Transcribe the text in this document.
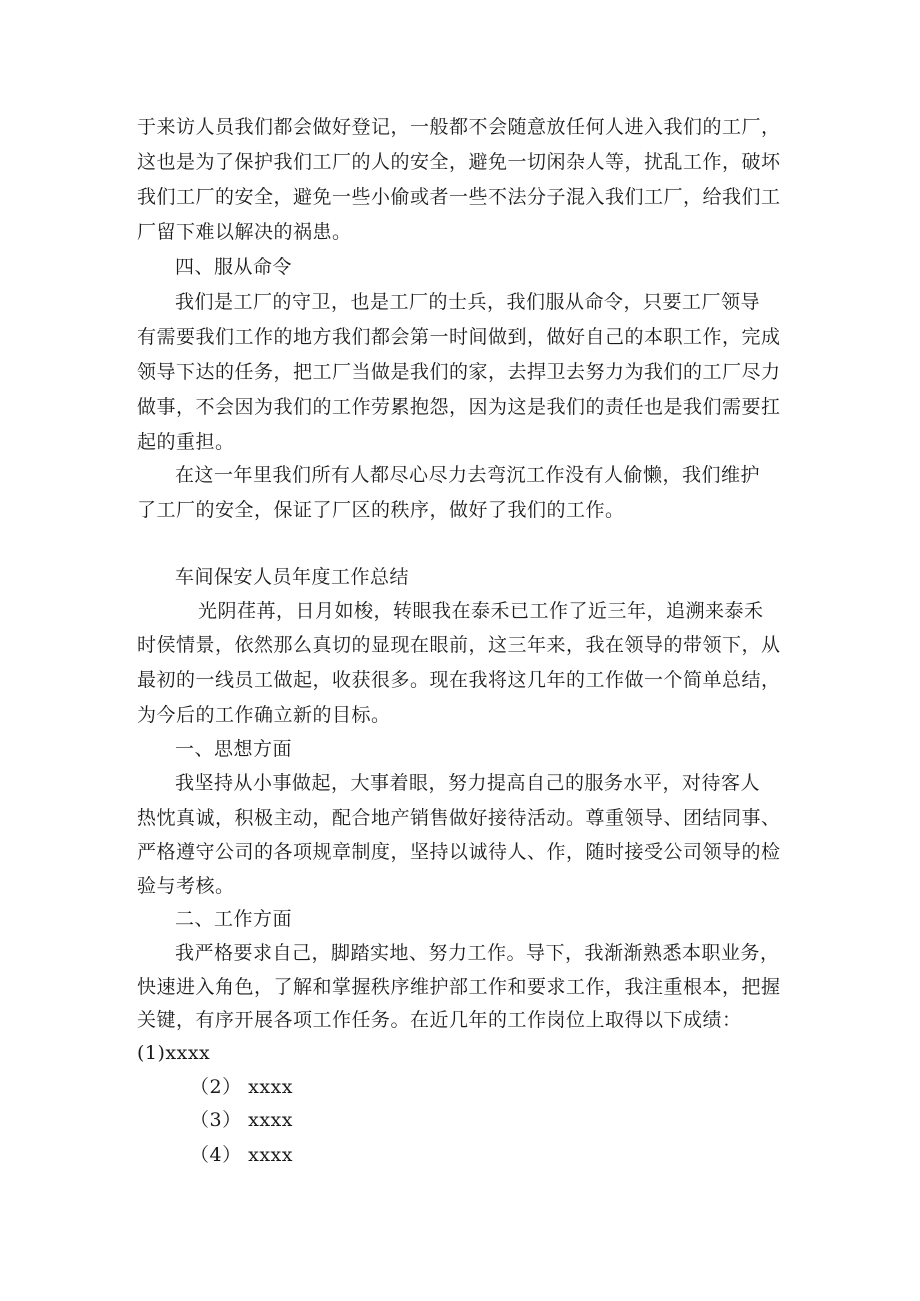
于来访人员我们都会做好登记，一般都不会随意放任何人进入我们的工厂，
这也是为了保护我们工厂的人的安全，避免一切闲杂人等，扰乱工作，破坏
我们工厂的安全，避免一些小偷或者一些不法分子混入我们工厂，给我们工
厂留下难以解决的祸患。
四、服从命令
我们是工厂的守卫，也是工厂的士兵，我们服从命令，只要工厂领导
有需要我们工作的地方我们都会第一时间做到，做好自己的本职工作，完成
领导下达的任务，把工厂当做是我们的家，去捍卫去努力为我们的工厂尽力
做事，不会因为我们的工作劳累抱怨，因为这是我们的责任也是我们需要扛
起的重担。
在这一年里我们所有人都尽心尽力去弯沉工作没有人偷懒，我们维护
了工厂的安全，保证了厂区的秩序，做好了我们的工作。
车间保安人员年度工作总结
光阴荏苒，日月如梭，转眼我在泰禾已工作了近三年，追溯来泰禾
时侯情景，依然那么真切的显现在眼前，这三年来，我在领导的带领下，从
最初的一线员工做起，收获很多。现在我将这几年的工作做一个简单总结，
为今后的工作确立新的目标。
一、思想方面
我坚持从小事做起，大事着眼，努力提高自己的服务水平，对待客人
热忱真诚，积极主动，配合地产销售做好接待活动。尊重领导、团结同事、
严格遵守公司的各项规章制度，坚持以诚待人、作，随时接受公司领导的检
验与考核。
二、工作方面
我严格要求自己，脚踏实地、努力工作。导下，我渐渐熟悉本职业务，
快速进入角色，了解和掌握秩序维护部工作和要求工作，我注重根本，把握
关键，有序开展各项工作任务。在近几年的工作岗位上取得以下成绩：
(1)xxxx
（2） xxxx
（3） xxxx
（4） xxxx
